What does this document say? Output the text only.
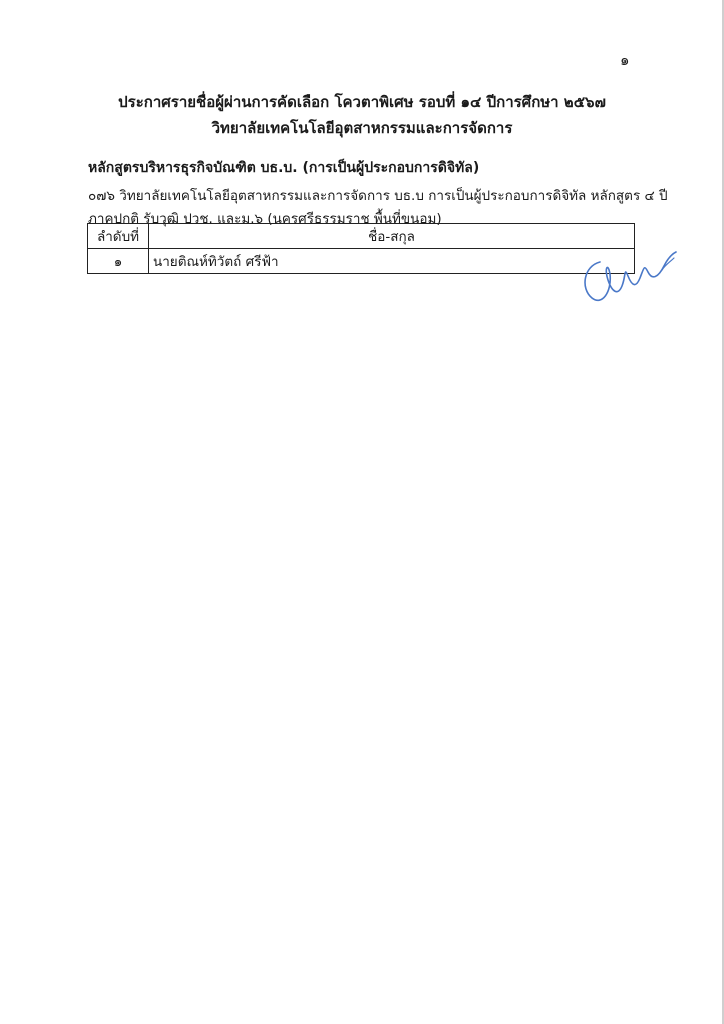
๑
ประกาศรายชื่อผู้ผ่านการคัดเลือก โควตาพิเศษ รอบที่ ๑๔ ปีการศึกษา ๒๕๖๗
วิทยาลัยเทคโนโลยีอุตสาหกรรมและการจัดการ
หลักสูตรบริหารธุรกิจบัณฑิต บธ.บ. (การเป็นผู้ประกอบการดิจิทัล)
๐๗๖ วิทยาลัยเทคโนโลยีอุตสาหกรรมและการจัดการ บธ.บ การเป็นผู้ประกอบการดิจิทัล หลักสูตร ๔ ปี
ภาคปกติ รับวุฒิ ปวช. และม.๖ (นครศรีธรรมราช พื้นที่ขนอม)
ลำดับที่	ชื่อ-สกุล
๑	นายติณห์ทิวัตถ์ ศรีฟ้า
